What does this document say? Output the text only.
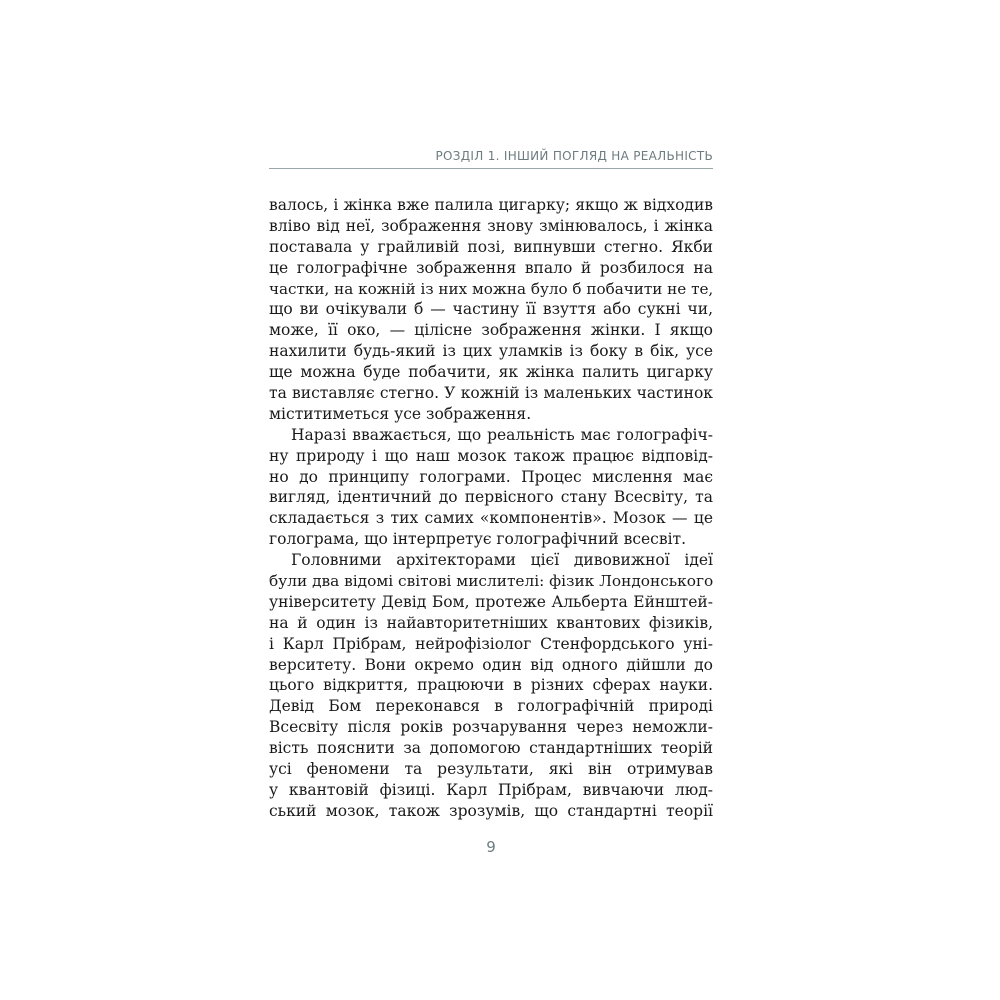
РОЗДІЛ 1. ІНШИЙ ПОГЛЯД НА РЕАЛЬНІСТЬ
валось, і жінка вже палила цигарку; якщо ж відходив
вліво від неї, зображення знову змінювалось, і жінка
поставала у грайливій позі, випнувши стегно. Якби
це голографічне зображення впало й розбилося на
частки, на кожній із них можна було б побачити не те,
що ви очікували б — частину її взуття або сукні чи,
може, її око, — цілісне зображення жінки. І якщо
нахилити будь-який із цих уламків із боку в бік, усе
ще можна буде побачити, як жінка палить цигарку
та виставляє стегно. У кожній із маленьких частинок
міститиметься усе зображення.
Наразі вважається, що реальність має голографіч-
ну природу і що наш мозок також працює відповід-
но до принципу голограми. Процес мислення має
вигляд, ідентичний до первісного стану Всесвіту, та
складається з тих самих «компонентів». Мозок — це
голограма, що інтерпретує голографічний всесвіт.
Головними архітекторами цієї дивовижної ідеї
були два відомі світові мислителі: фізик Лондонського
університету Девід Бом, протеже Альберта Ейнштей-
на й один із найавторитетніших квантових фізиків,
і Карл Прібрам, нейрофізіолог Стенфордського уні-
верситету. Вони окремо один від одного дійшли до
цього відкриття, працюючи в різних сферах науки.
Девід Бом переконався в голографічній природі
Всесвіту після років розчарування через неможли-
вість пояснити за допомогою стандартніших теорій
усі феномени та результати, які він отримував
у квантовій фізиці. Карл Прібрам, вивчаючи люд-
ський мозок, також зрозумів, що стандартні теорії
9
